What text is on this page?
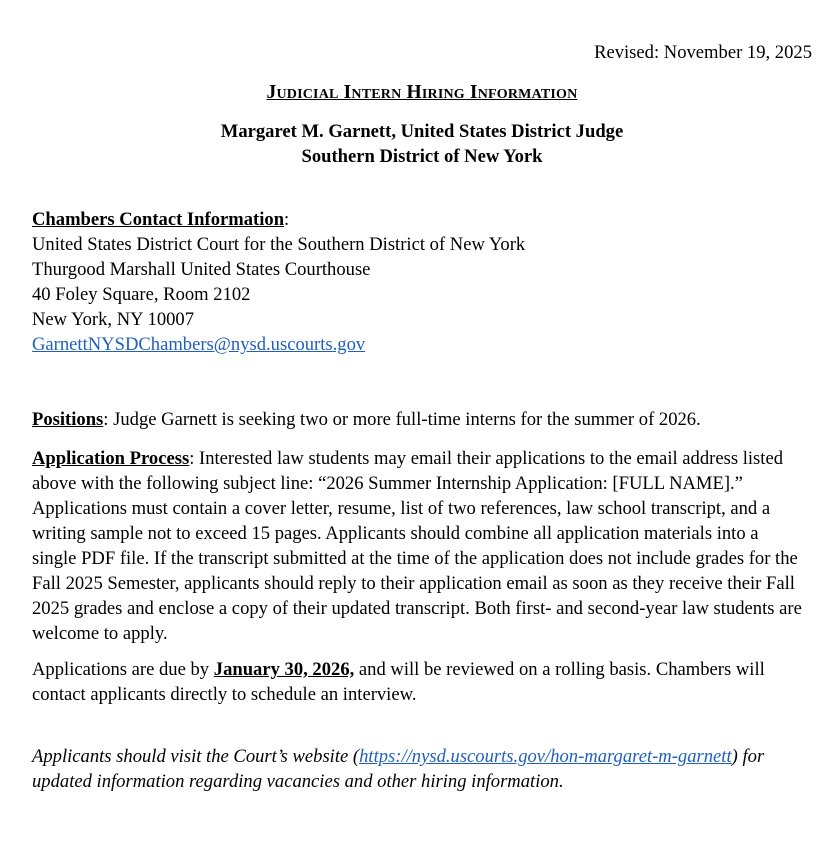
Revised: November 19, 2025
Judicial Intern Hiring Information
Margaret M. Garnett, United States District Judge
Southern District of New York
Chambers Contact Information:
United States District Court for the Southern District of New York
Thurgood Marshall United States Courthouse
40 Foley Square, Room 2102
New York, NY 10007
GarnettNYSDChambers@nysd.uscourts.gov
Positions: Judge Garnett is seeking two or more full-time interns for the summer of 2026.
Application Process: Interested law students may email their applications to the email address listed above with the following subject line: “2026 Summer Internship Application: [FULL NAME].” Applications must contain a cover letter, resume, list of two references, law school transcript, and a writing sample not to exceed 15 pages. Applicants should combine all application materials into a single PDF file. If the transcript submitted at the time of the application does not include grades for the Fall 2025 Semester, applicants should reply to their application email as soon as they receive their Fall 2025 grades and enclose a copy of their updated transcript. Both first- and second-year law students are welcome to apply.
Applications are due by January 30, 2026, and will be reviewed on a rolling basis. Chambers will contact applicants directly to schedule an interview.
Applicants should visit the Court’s website (https://nysd.uscourts.gov/hon-margaret-m-garnett) for updated information regarding vacancies and other hiring information.
